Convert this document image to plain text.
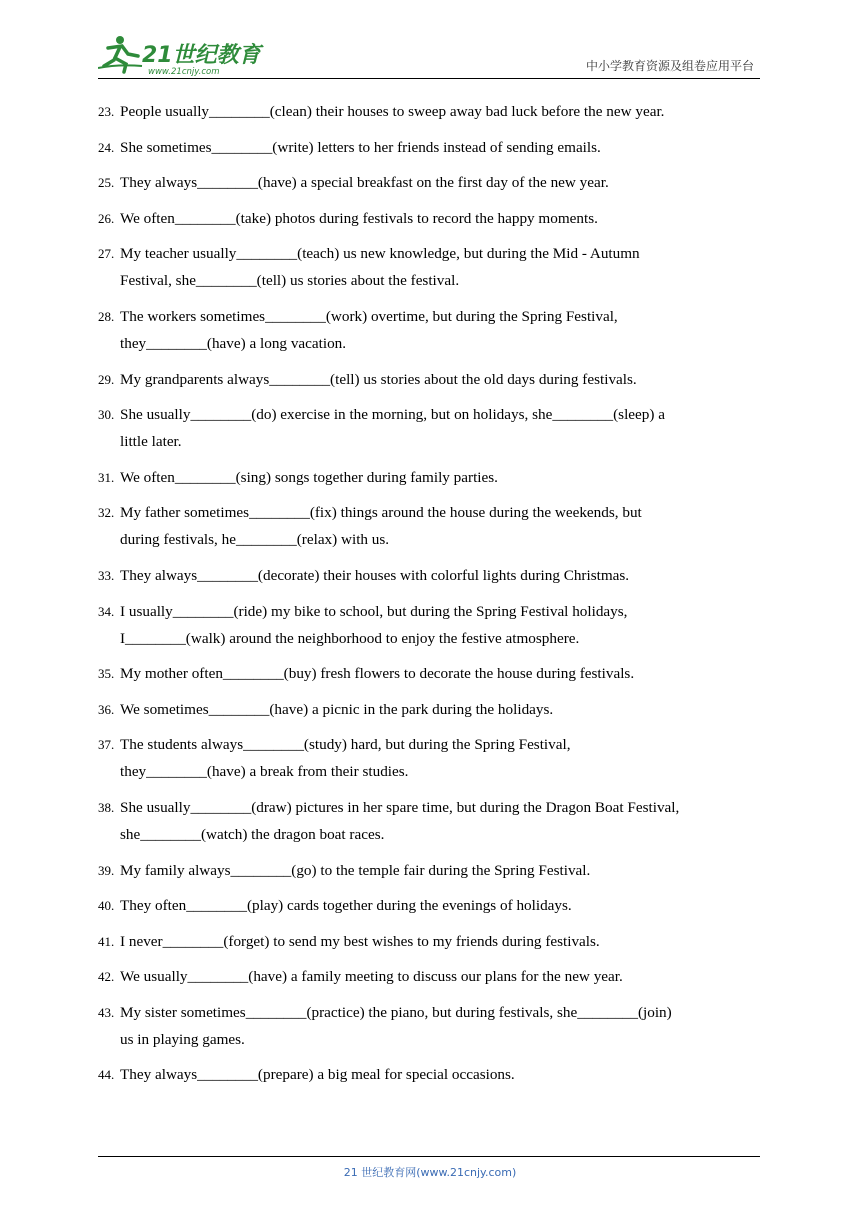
21世纪教育
www.21cnjy.com	中小学教育资源及组卷应用平台
23. People usually________(clean) their houses to sweep away bad luck before the new year.
24. She sometimes________(write) letters to her friends instead of sending emails.
25. They always________(have) a special breakfast on the first day of the new year.
26. We often________(take) photos during festivals to record the happy moments.
27. My teacher usually________(teach) us new knowledge, but during the Mid - Autumn
Festival, she________(tell) us stories about the festival.
28. The workers sometimes________(work) overtime, but during the Spring Festival,
they________(have) a long vacation.
29. My grandparents always________(tell) us stories about the old days during festivals.
30. She usually________(do) exercise in the morning, but on holidays, she________(sleep) a
little later.
31. We often________(sing) songs together during family parties.
32. My father sometimes________(fix) things around the house during the weekends, but
during festivals, he________(relax) with us.
33. They always________(decorate) their houses with colorful lights during Christmas.
34. I usually________(ride) my bike to school, but during the Spring Festival holidays,
I________(walk) around the neighborhood to enjoy the festive atmosphere.
35. My mother often________(buy) fresh flowers to decorate the house during festivals.
36. We sometimes________(have) a picnic in the park during the holidays.
37. The students always________(study) hard, but during the Spring Festival,
they________(have) a break from their studies.
38. She usually________(draw) pictures in her spare time, but during the Dragon Boat Festival,
she________(watch) the dragon boat races.
39. My family always________(go) to the temple fair during the Spring Festival.
40. They often________(play) cards together during the evenings of holidays.
41. I never________(forget) to send my best wishes to my friends during festivals.
42. We usually________(have) a family meeting to discuss our plans for the new year.
43. My sister sometimes________(practice) the piano, but during festivals, she________(join)
us in playing games.
44. They always________(prepare) a big meal for special occasions.
21 世纪教育网(www.21cnjy.com)
